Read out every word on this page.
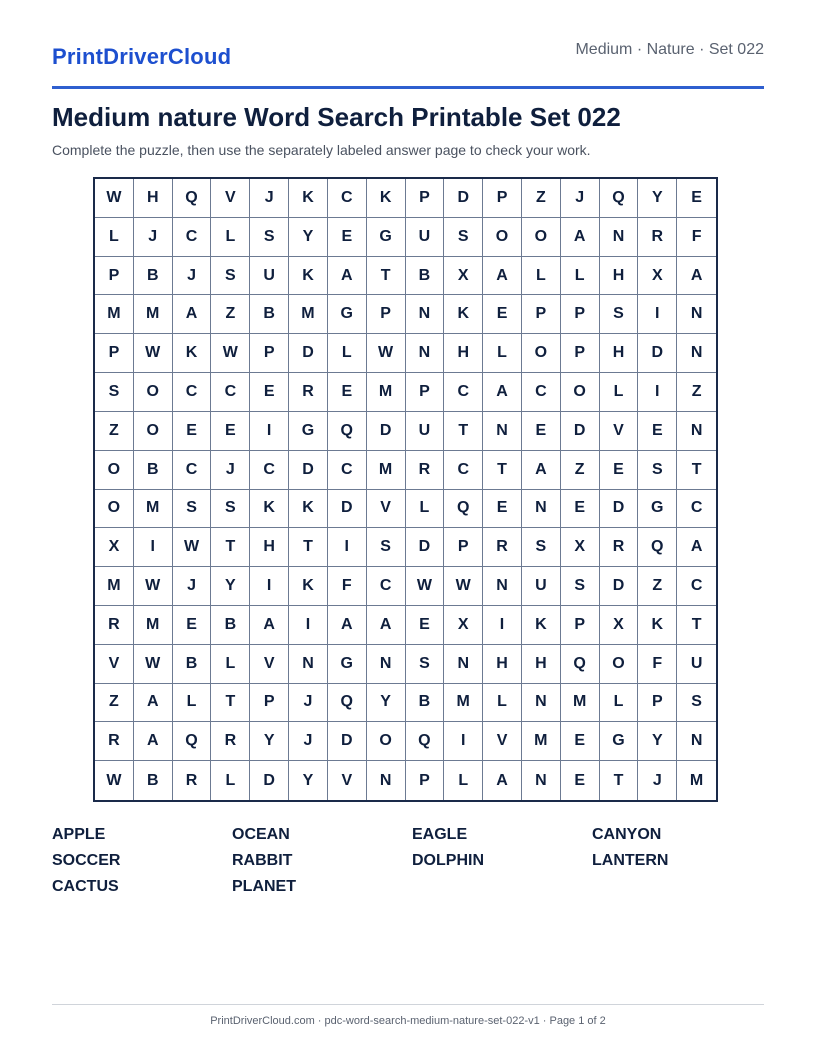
PrintDriverCloud	Medium · Nature · Set 022
Medium nature Word Search Printable Set 022
Complete the puzzle, then use the separately labeled answer page to check your work.
W	H	Q	V	J	K	C	K	P	D	P	Z	J	Q	Y	E
L	J	C	L	S	Y	E	G	U	S	O	O	A	N	R	F
P	B	J	S	U	K	A	T	B	X	A	L	L	H	X	A
M	M	A	Z	B	M	G	P	N	K	E	P	P	S	I	N
P	W	K	W	P	D	L	W	N	H	L	O	P	H	D	N
S	O	C	C	E	R	E	M	P	C	A	C	O	L	I	Z
Z	O	E	E	I	G	Q	D	U	T	N	E	D	V	E	N
O	B	C	J	C	D	C	M	R	C	T	A	Z	E	S	T
O	M	S	S	K	K	D	V	L	Q	E	N	E	D	G	C
X	I	W	T	H	T	I	S	D	P	R	S	X	R	Q	A
M	W	J	Y	I	K	F	C	W	W	N	U	S	D	Z	C
R	M	E	B	A	I	A	A	E	X	I	K	P	X	K	T
V	W	B	L	V	N	G	N	S	N	H	H	Q	O	F	U
Z	A	L	T	P	J	Q	Y	B	M	L	N	M	L	P	S
R	A	Q	R	Y	J	D	O	Q	I	V	M	E	G	Y	N
W	B	R	L	D	Y	V	N	P	L	A	N	E	T	J	M
APPLE	OCEAN	EAGLE	CANYON
SOCCER	RABBIT	DOLPHIN	LANTERN
CACTUS	PLANET
PrintDriverCloud.com · pdc-word-search-medium-nature-set-022-v1 · Page 1 of 2
